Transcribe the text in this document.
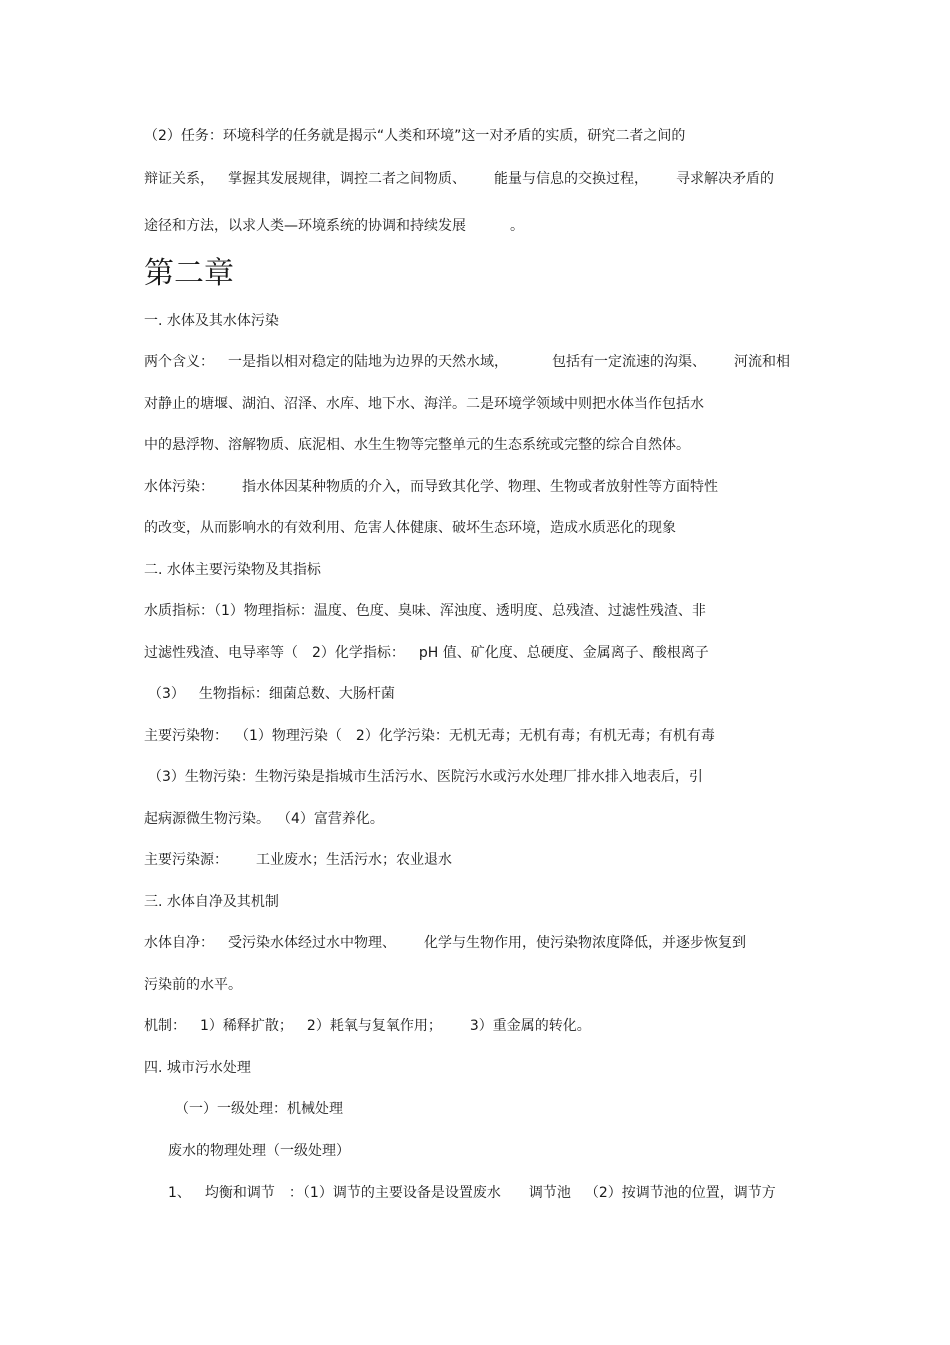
（2）任务：环境科学的任务就是揭示“人类和环境”这一对矛盾的实质，研究二者之间的
辩证关系， 掌握其发展规律，调控二者之间物质、 能量与信息的交换过程， 寻求解决矛盾的
途径和方法，以求人类—环境系统的协调和持续发展	。
第二章
一. 水体及其水体污染
两个含义： 一是指以相对稳定的陆地为边界的天然水域，	包括有一定流速的沟渠、 河流和相
对静止的塘堰、湖泊、沼泽、水库、地下水、海洋。二是环境学领域中则把水体当作包括水
中的悬浮物、溶解物质、底泥相、水生生物等完整单元的生态系统或完整的综合自然体。
水体污染： 指水体因某种物质的介入，而导致其化学、物理、生物或者放射性等方面特性
的改变，从而影响水的有效利用、危害人体健康、破坏生态环境，造成水质恶化的现象
二. 水体主要污染物及其指标
水质指标：（1）物理指标：温度、色度、臭味、浑浊度、透明度、总残渣、过滤性残渣、非
过滤性残渣、电导率等（ 2）化学指标： pH 值、矿化度、总硬度、金属离子、酸根离子
（3） 生物指标：细菌总数、大肠杆菌
主要污染物： （1）物理污染（ 2）化学污染：无机无毒；无机有毒；有机无毒；有机有毒
（3）生物污染：生物污染是指城市生活污水、医院污水或污水处理厂排水排入地表后，引
起病源微生物污染。 （4）富营养化。
主要污染源： 工业废水；生活污水；农业退水
三. 水体自净及其机制
水体自净： 受污染水体经过水中物理、 化学与生物作用，使污染物浓度降低，并逐步恢复到
污染前的水平。
机制： 1）稀释扩散； 2）耗氧与复氧作用； 3）重金属的转化。
四. 城市污水处理
（一）一级处理：机械处理
废水的物理处理（一级处理）
1、 均衡和调节 ：（1）调节的主要设备是设置废水 调节池 （2）按调节池的位置，调节方
